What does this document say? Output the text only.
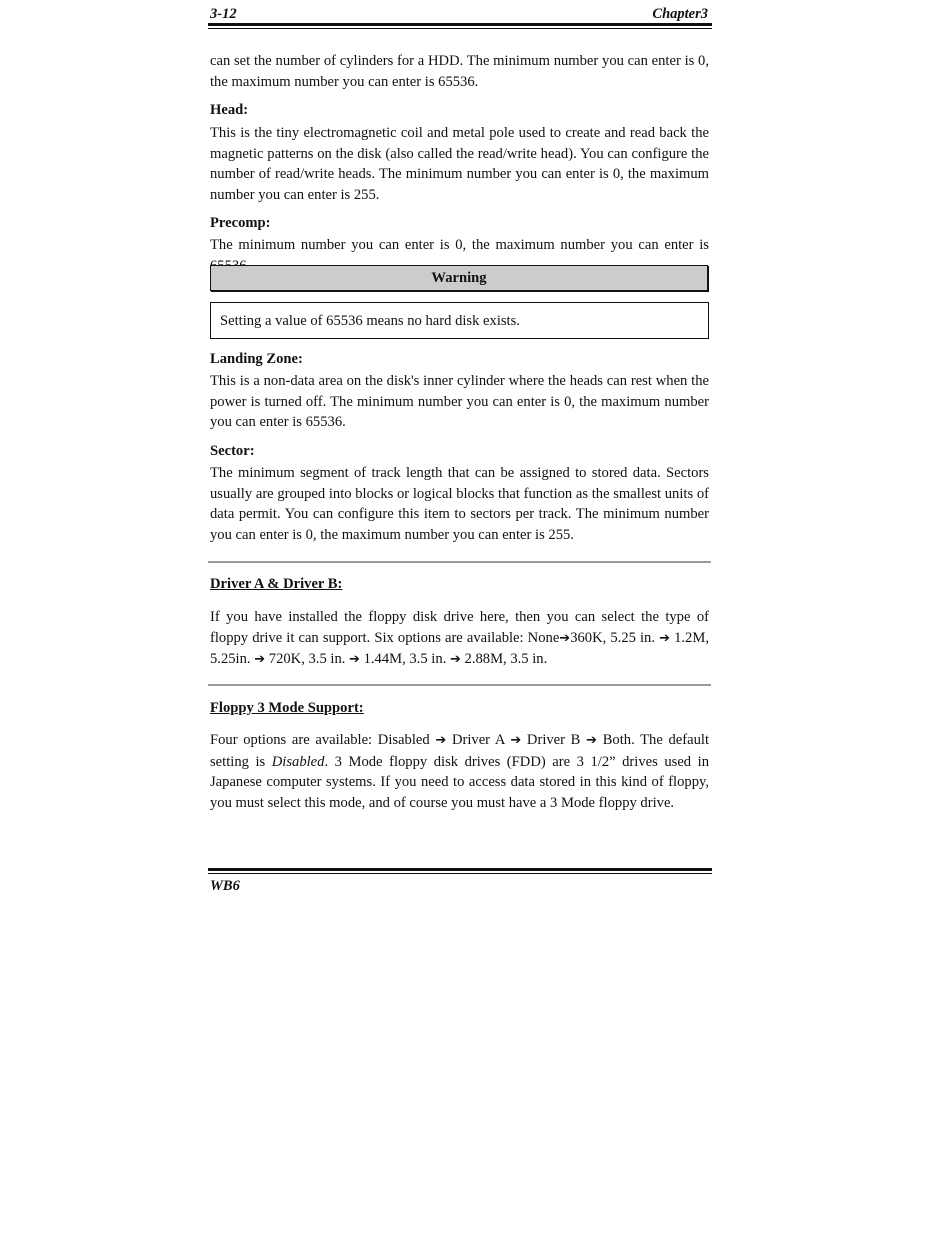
3-12	Chapter3
can set the number of cylinders for a HDD. The minimum number you can enter is 0, the maximum number you can enter is 65536.
Head:
This is the tiny electromagnetic coil and metal pole used to create and read back the magnetic patterns on the disk (also called the read/write head). You can configure the number of read/write heads. The minimum number you can enter is 0, the maximum number you can enter is 255.
Precomp:
The minimum number you can enter is 0, the maximum number you can enter is
Warning
Setting a value of 65536 means no hard disk exists.
Landing Zone:
This is a non-data area on the disk's inner cylinder where the heads can rest when the power is turned off. The minimum number you can enter is 0, the maximum number you can enter is 65536.
Sector:
The minimum segment of track length that can be assigned to stored data. Sectors usually are grouped into blocks or logical blocks that function as the smallest units of data permit. You can configure this item to sectors per track. The minimum number you can enter is 0, the maximum number you can enter is 255.
Driver A & Driver B:
If you have installed the floppy disk drive here, then you can select the type of floppy drive it can support. Six options are available: None➔360K, 5.25 in. ➔ 1.2M, 5.25in. ➔ 720K, 3.5 in. ➔ 1.44M, 3.5 in. ➔ 2.88M, 3.5 in.
Floppy 3 Mode Support:
Four options are available: Disabled ➔ Driver A ➔ Driver B ➔ Both. The default setting is Disabled. 3 Mode floppy disk drives (FDD) are 3 1/2” drives used in Japanese computer systems. If you need to access data stored in this kind of floppy, you must select this mode, and of course you must have a 3 Mode floppy drive.
WB6
